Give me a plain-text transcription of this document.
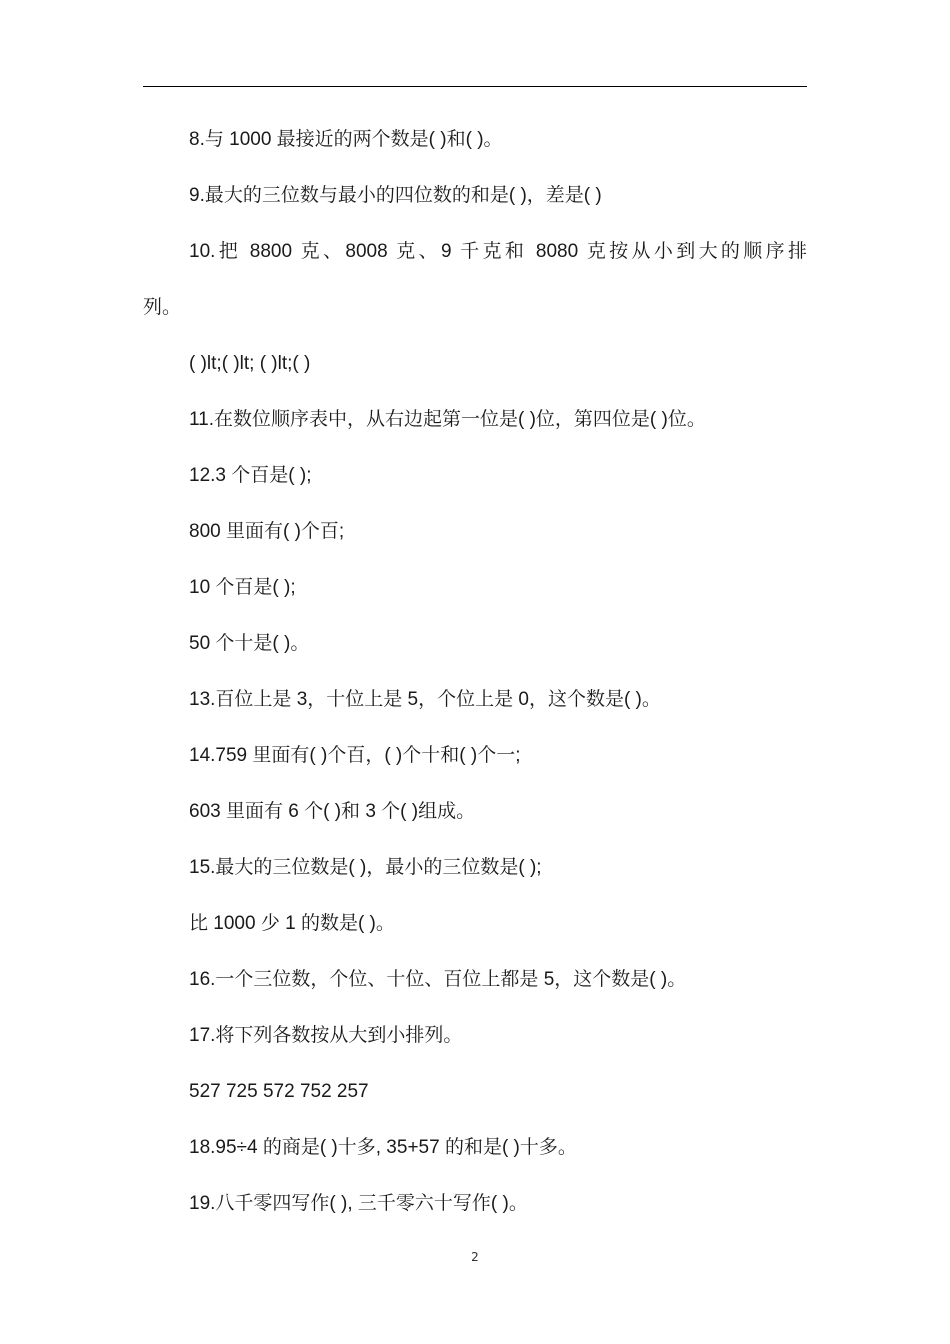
8.与 1000 最接近的两个数是( )和( )。

9.最大的三位数与最小的四位数的和是( )，差是( )

10.把 8800 克、8008 克、9 千克和 8080 克按从小到大的顺序排

列。

( )lt;( )lt; ( )lt;( )

11.在数位顺序表中，从右边起第一位是( )位，第四位是( )位。

12.3 个百是( );

800 里面有( )个百;

10 个百是( );

50 个十是( )。

13.百位上是 3，十位上是 5，个位上是 0，这个数是( )。

14.759 里面有( )个百，( )个十和( )个一;

603 里面有 6 个( )和 3 个( )组成。

15.最大的三位数是( )，最小的三位数是( );

比 1000 少 1 的数是( )。

16.一个三位数，个位、十位、百位上都是 5，这个数是( )。

17.将下列各数按从大到小排列。

527 725 572 752 257

18.95÷4 的商是( )十多, 35+57 的和是( )十多。

19.八千零四写作( ), 三千零六十写作( )。

2
